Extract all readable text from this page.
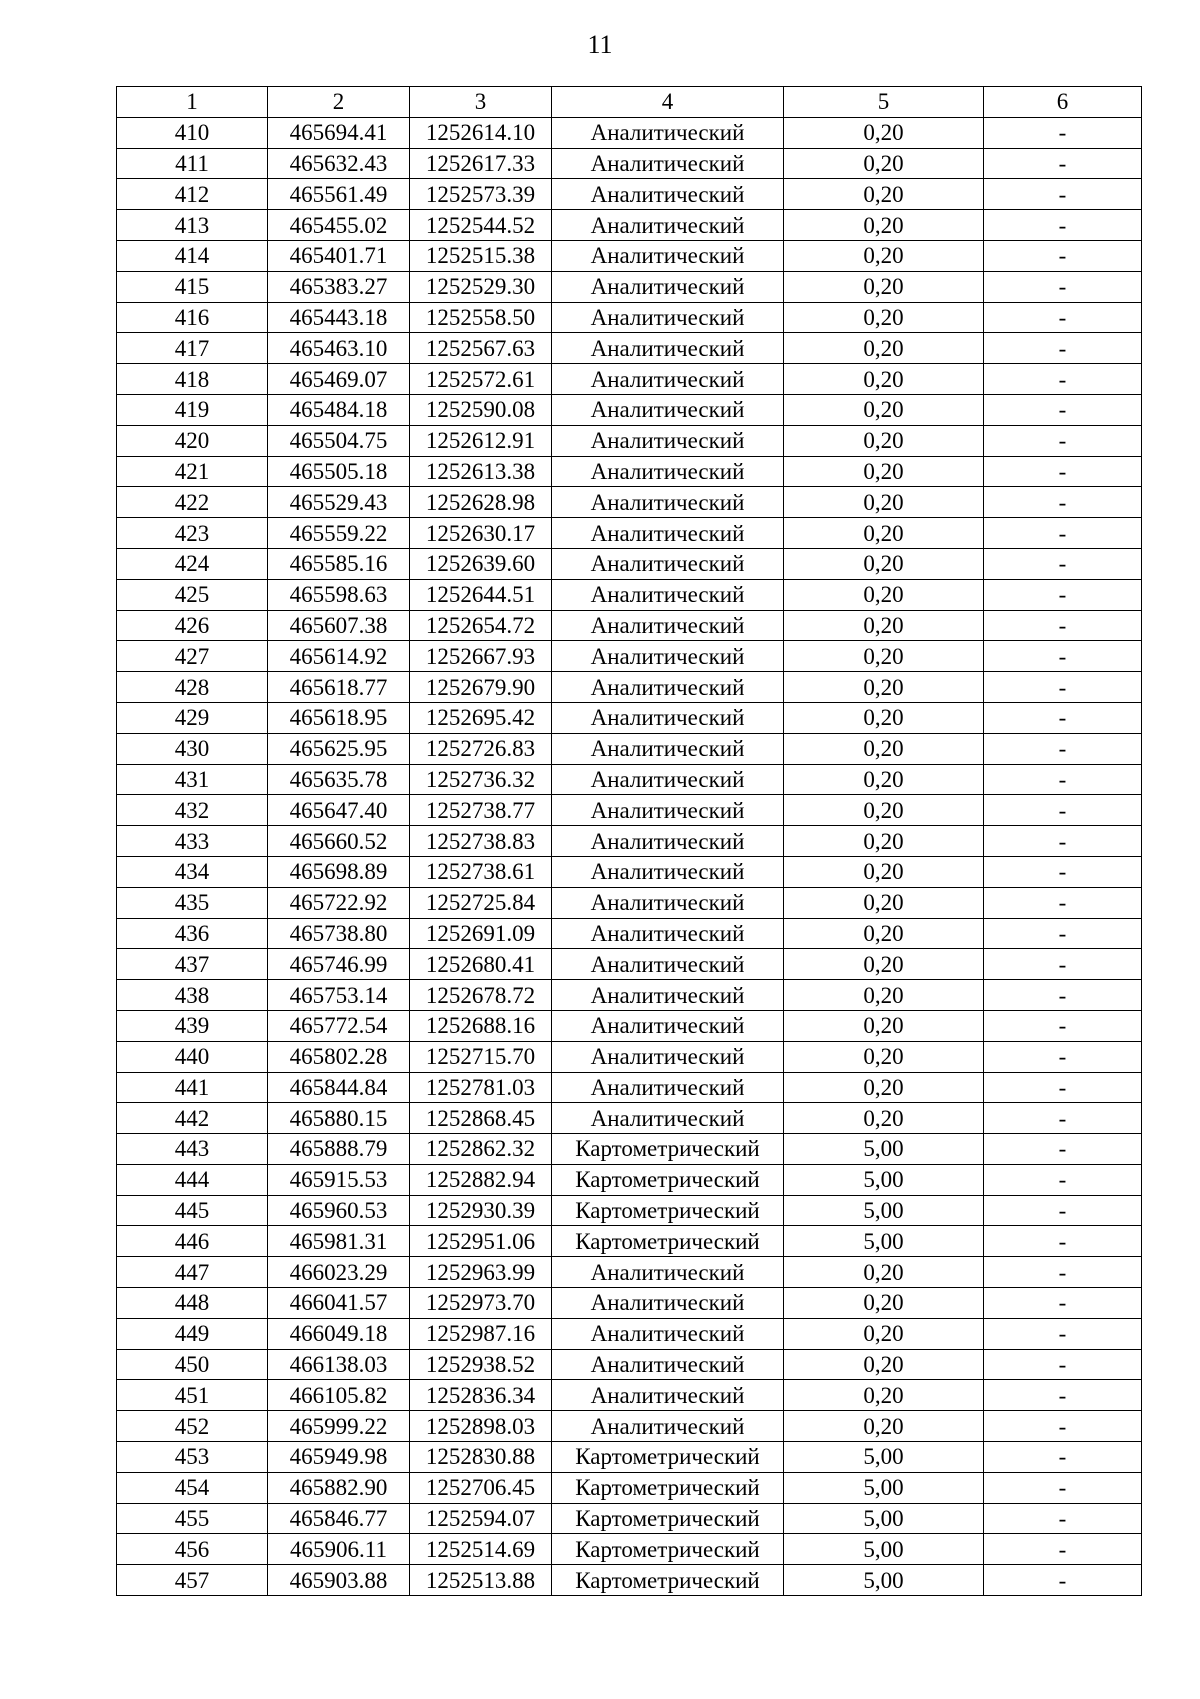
11
1	2	3	4	5	6
410	465694.41	1252614.10	Аналитический	0,20	-
411	465632.43	1252617.33	Аналитический	0,20	-
412	465561.49	1252573.39	Аналитический	0,20	-
413	465455.02	1252544.52	Аналитический	0,20	-
414	465401.71	1252515.38	Аналитический	0,20	-
415	465383.27	1252529.30	Аналитический	0,20	-
416	465443.18	1252558.50	Аналитический	0,20	-
417	465463.10	1252567.63	Аналитический	0,20	-
418	465469.07	1252572.61	Аналитический	0,20	-
419	465484.18	1252590.08	Аналитический	0,20	-
420	465504.75	1252612.91	Аналитический	0,20	-
421	465505.18	1252613.38	Аналитический	0,20	-
422	465529.43	1252628.98	Аналитический	0,20	-
423	465559.22	1252630.17	Аналитический	0,20	-
424	465585.16	1252639.60	Аналитический	0,20	-
425	465598.63	1252644.51	Аналитический	0,20	-
426	465607.38	1252654.72	Аналитический	0,20	-
427	465614.92	1252667.93	Аналитический	0,20	-
428	465618.77	1252679.90	Аналитический	0,20	-
429	465618.95	1252695.42	Аналитический	0,20	-
430	465625.95	1252726.83	Аналитический	0,20	-
431	465635.78	1252736.32	Аналитический	0,20	-
432	465647.40	1252738.77	Аналитический	0,20	-
433	465660.52	1252738.83	Аналитический	0,20	-
434	465698.89	1252738.61	Аналитический	0,20	-
435	465722.92	1252725.84	Аналитический	0,20	-
436	465738.80	1252691.09	Аналитический	0,20	-
437	465746.99	1252680.41	Аналитический	0,20	-
438	465753.14	1252678.72	Аналитический	0,20	-
439	465772.54	1252688.16	Аналитический	0,20	-
440	465802.28	1252715.70	Аналитический	0,20	-
441	465844.84	1252781.03	Аналитический	0,20	-
442	465880.15	1252868.45	Аналитический	0,20	-
443	465888.79	1252862.32	Картометрический	5,00	-
444	465915.53	1252882.94	Картометрический	5,00	-
445	465960.53	1252930.39	Картометрический	5,00	-
446	465981.31	1252951.06	Картометрический	5,00	-
447	466023.29	1252963.99	Аналитический	0,20	-
448	466041.57	1252973.70	Аналитический	0,20	-
449	466049.18	1252987.16	Аналитический	0,20	-
450	466138.03	1252938.52	Аналитический	0,20	-
451	466105.82	1252836.34	Аналитический	0,20	-
452	465999.22	1252898.03	Аналитический	0,20	-
453	465949.98	1252830.88	Картометрический	5,00	-
454	465882.90	1252706.45	Картометрический	5,00	-
455	465846.77	1252594.07	Картометрический	5,00	-
456	465906.11	1252514.69	Картометрический	5,00	-
457	465903.88	1252513.88	Картометрический	5,00	-
